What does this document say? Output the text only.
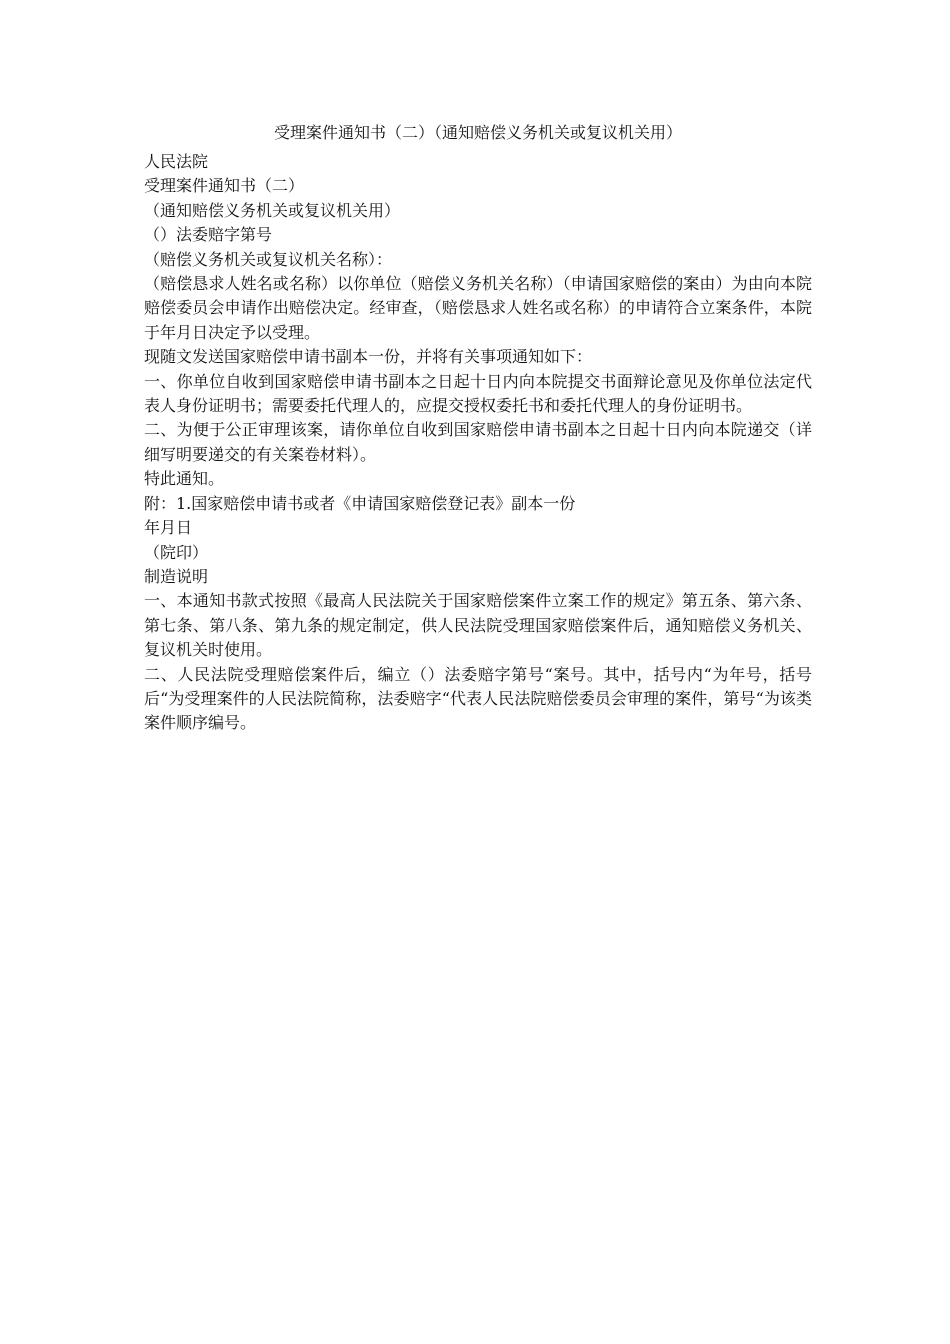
受理案件通知书（二）（通知赔偿义务机关或复议机关用）
人民法院
受理案件通知书（二）
（通知赔偿义务机关或复议机关用）
（）法委赔字第号
（赔偿义务机关或复议机关名称）：
（赔偿恳求人姓名或名称）以你单位（赔偿义务机关名称）（申请国家赔偿的案由）为由向本院赔偿委员会申请作出赔偿决定。经审查，（赔偿恳求人姓名或名称）的申请符合立案条件，本院于年月日决定予以受理。
现随文发送国家赔偿申请书副本一份，并将有关事项通知如下：
一、你单位自收到国家赔偿申请书副本之日起十日内向本院提交书面辩论意见及你单位法定代表人身份证明书；需要委托代理人的，应提交授权委托书和委托代理人的身份证明书。
二、为便于公正审理该案，请你单位自收到国家赔偿申请书副本之日起十日内向本院递交（详细写明要递交的有关案卷材料）。
特此通知。
附：1.国家赔偿申请书或者《申请国家赔偿登记表》副本一份
年月日
（院印）
制造说明
一、本通知书款式按照《最高人民法院关于国家赔偿案件立案工作的规定》第五条、第六条、第七条、第八条、第九条的规定制定，供人民法院受理国家赔偿案件后，通知赔偿义务机关、复议机关时使用。
二、人民法院受理赔偿案件后，编立（）法委赔字第号“案号。其中，括号内“为年号，括号后“为受理案件的人民法院简称，法委赔字“代表人民法院赔偿委员会审理的案件，第号“为该类案件顺序编号。
